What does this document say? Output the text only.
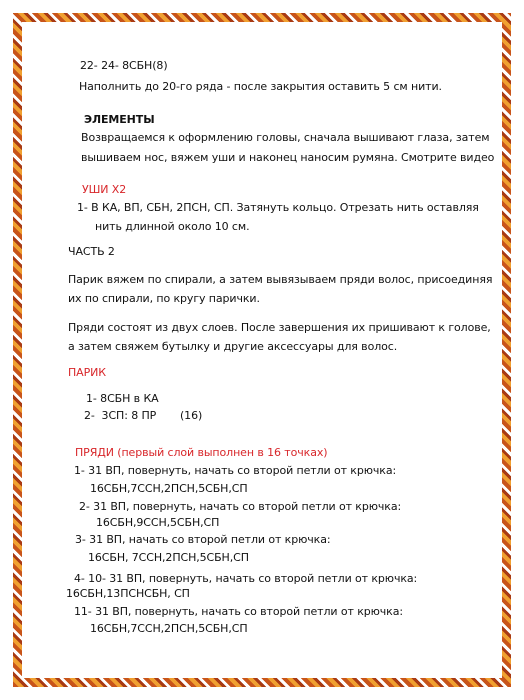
22- 24- 8СБН(8)
Наполнить до 20-го ряда - после закрытия оставить 5 см нити.
ЭЛЕМЕНТЫ
Возвращаемся к оформлению головы, сначала вышивают глаза, затем
вышиваем нос, вяжем уши и наконец наносим румяна. Смотрите видео
УШИ Х2
1- В КА, ВП, СБН, 2ПСН, СП. Затянуть кольцо. Отрезать нить оставляя
нить длинной около 10 см.
ЧАСТЬ 2
Парик вяжем по спирали, а затем вывязываем пряди волос, присоединяя
их по спирали, по кругу парички.
Пряди состоят из двух слоев. После завершения их пришивают к голове,
а затем свяжем бутылку и другие аксессуары для волос.
ПАРИК
1- 8СБН в КА
2-  3СП: 8 ПР       (16)
ПРЯДИ (первый слой выполнен в 16 точках)
1- 31 ВП, повернуть, начать со второй петли от крючка:
16СБН,7ССН,2ПСН,5СБН,СП
2- 31 ВП, повернуть, начать со второй петли от крючка:
16СБН,9ССН,5СБН,СП
3- 31 ВП, начать со второй петли от крючка:
16СБН, 7ССН,2ПСН,5СБН,СП
4- 10- 31 ВП, повернуть, начать со второй петли от крючка:
16СБН,13ПСНСБН, СП
11- 31 ВП, повернуть, начать со второй петли от крючка:
16СБН,7ССН,2ПСН,5СБН,СП
